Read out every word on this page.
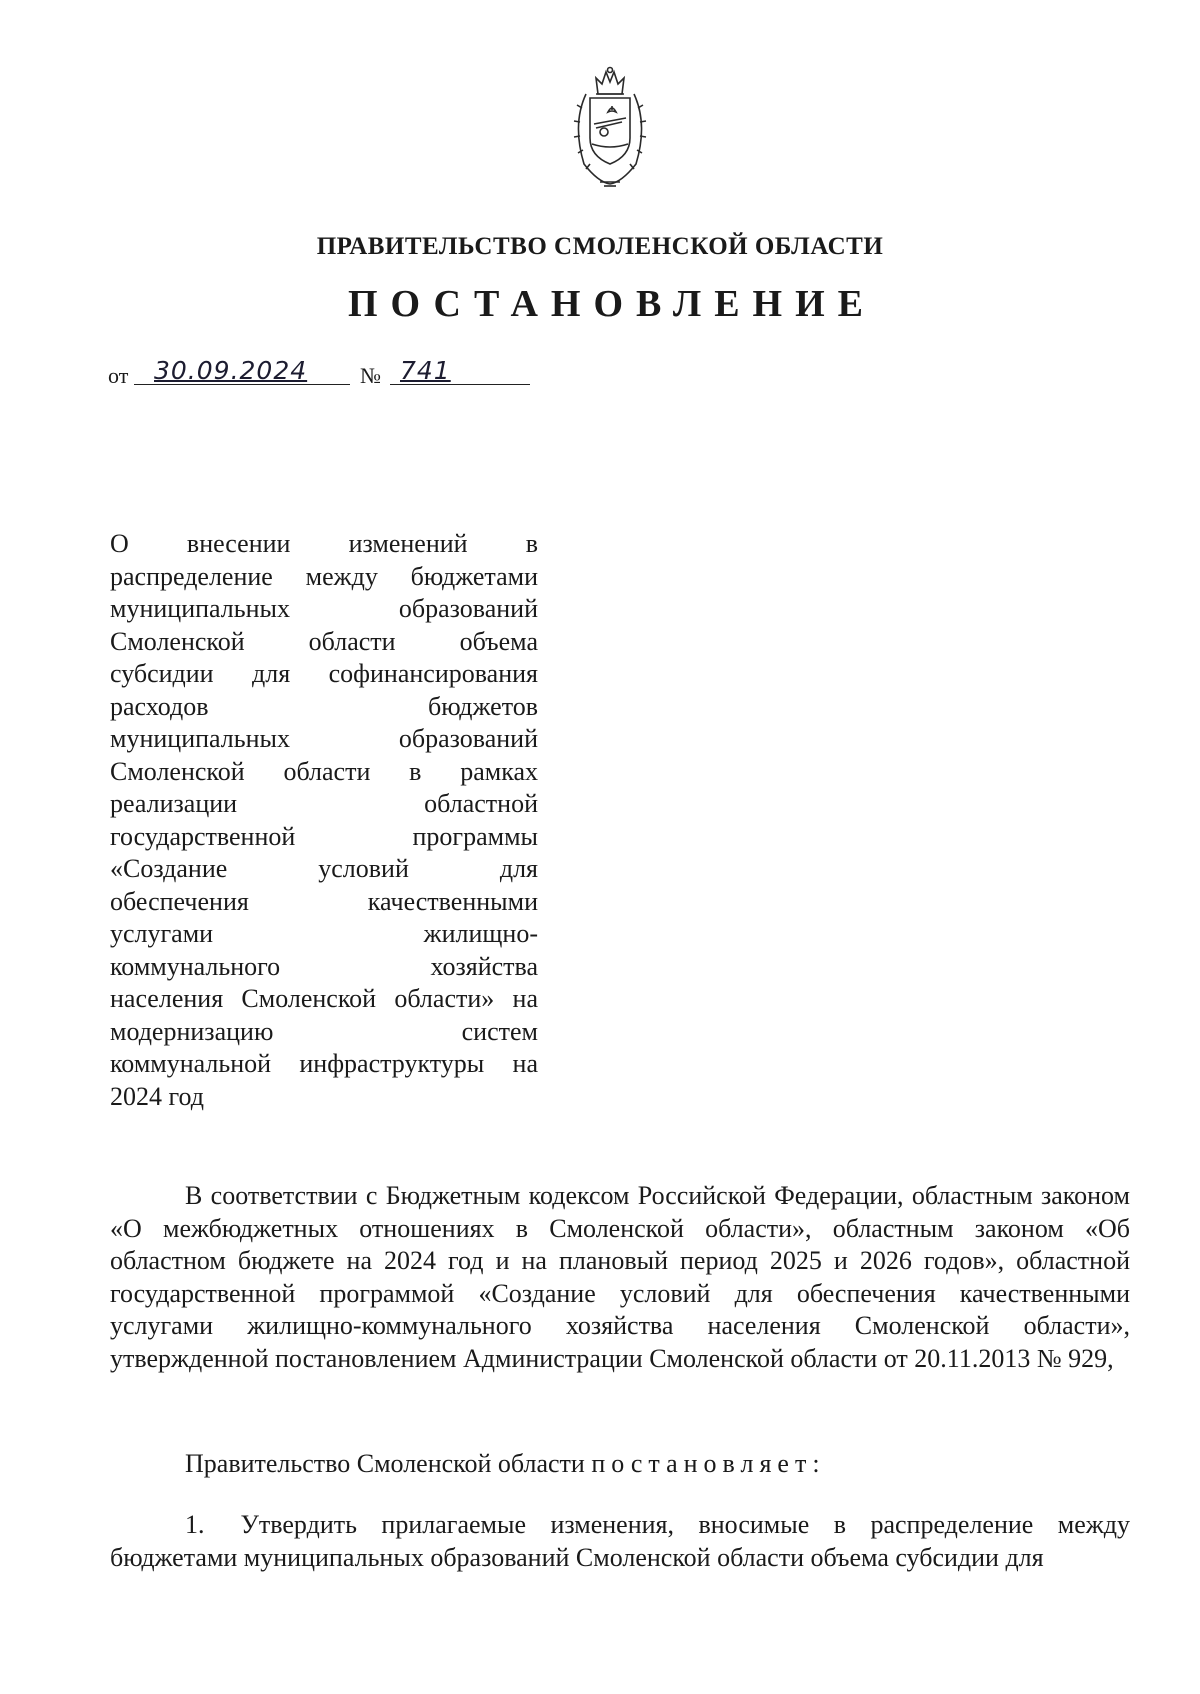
ПРАВИТЕЛЬСТВО СМОЛЕНСКОЙ ОБЛАСТИ
ПОСТАНОВЛЕНИЕ
от 30.09.2024 № 741
О внесении изменений в
распределение между бюджетами
муниципальных образований
Смоленской области объема
субсидии для софинансирования
расходов бюджетов
муниципальных образований
Смоленской области в рамках
реализации областной
государственной программы
«Создание условий для
обеспечения качественными
услугами жилищно-
коммунального хозяйства
населения Смоленской области» на
модернизацию систем
коммунальной инфраструктуры на
2024 год

В соответствии с Бюджетным кодексом Российской Федерации, областным законом «О межбюджетных отношениях в Смоленской области», областным законом «Об областном бюджете на 2024 год и на плановый период 2025 и 2026 годов», областной государственной программой «Создание условий для обеспечения качественными услугами жилищно-коммунального хозяйства населения Смоленской области», утвержденной постановлением Администрации Смоленской области от 20.11.2013 № 929,

Правительство Смоленской области постановляет:

1. Утвердить прилагаемые изменения, вносимые в распределение между бюджетами муниципальных образований Смоленской области объема субсидии для
